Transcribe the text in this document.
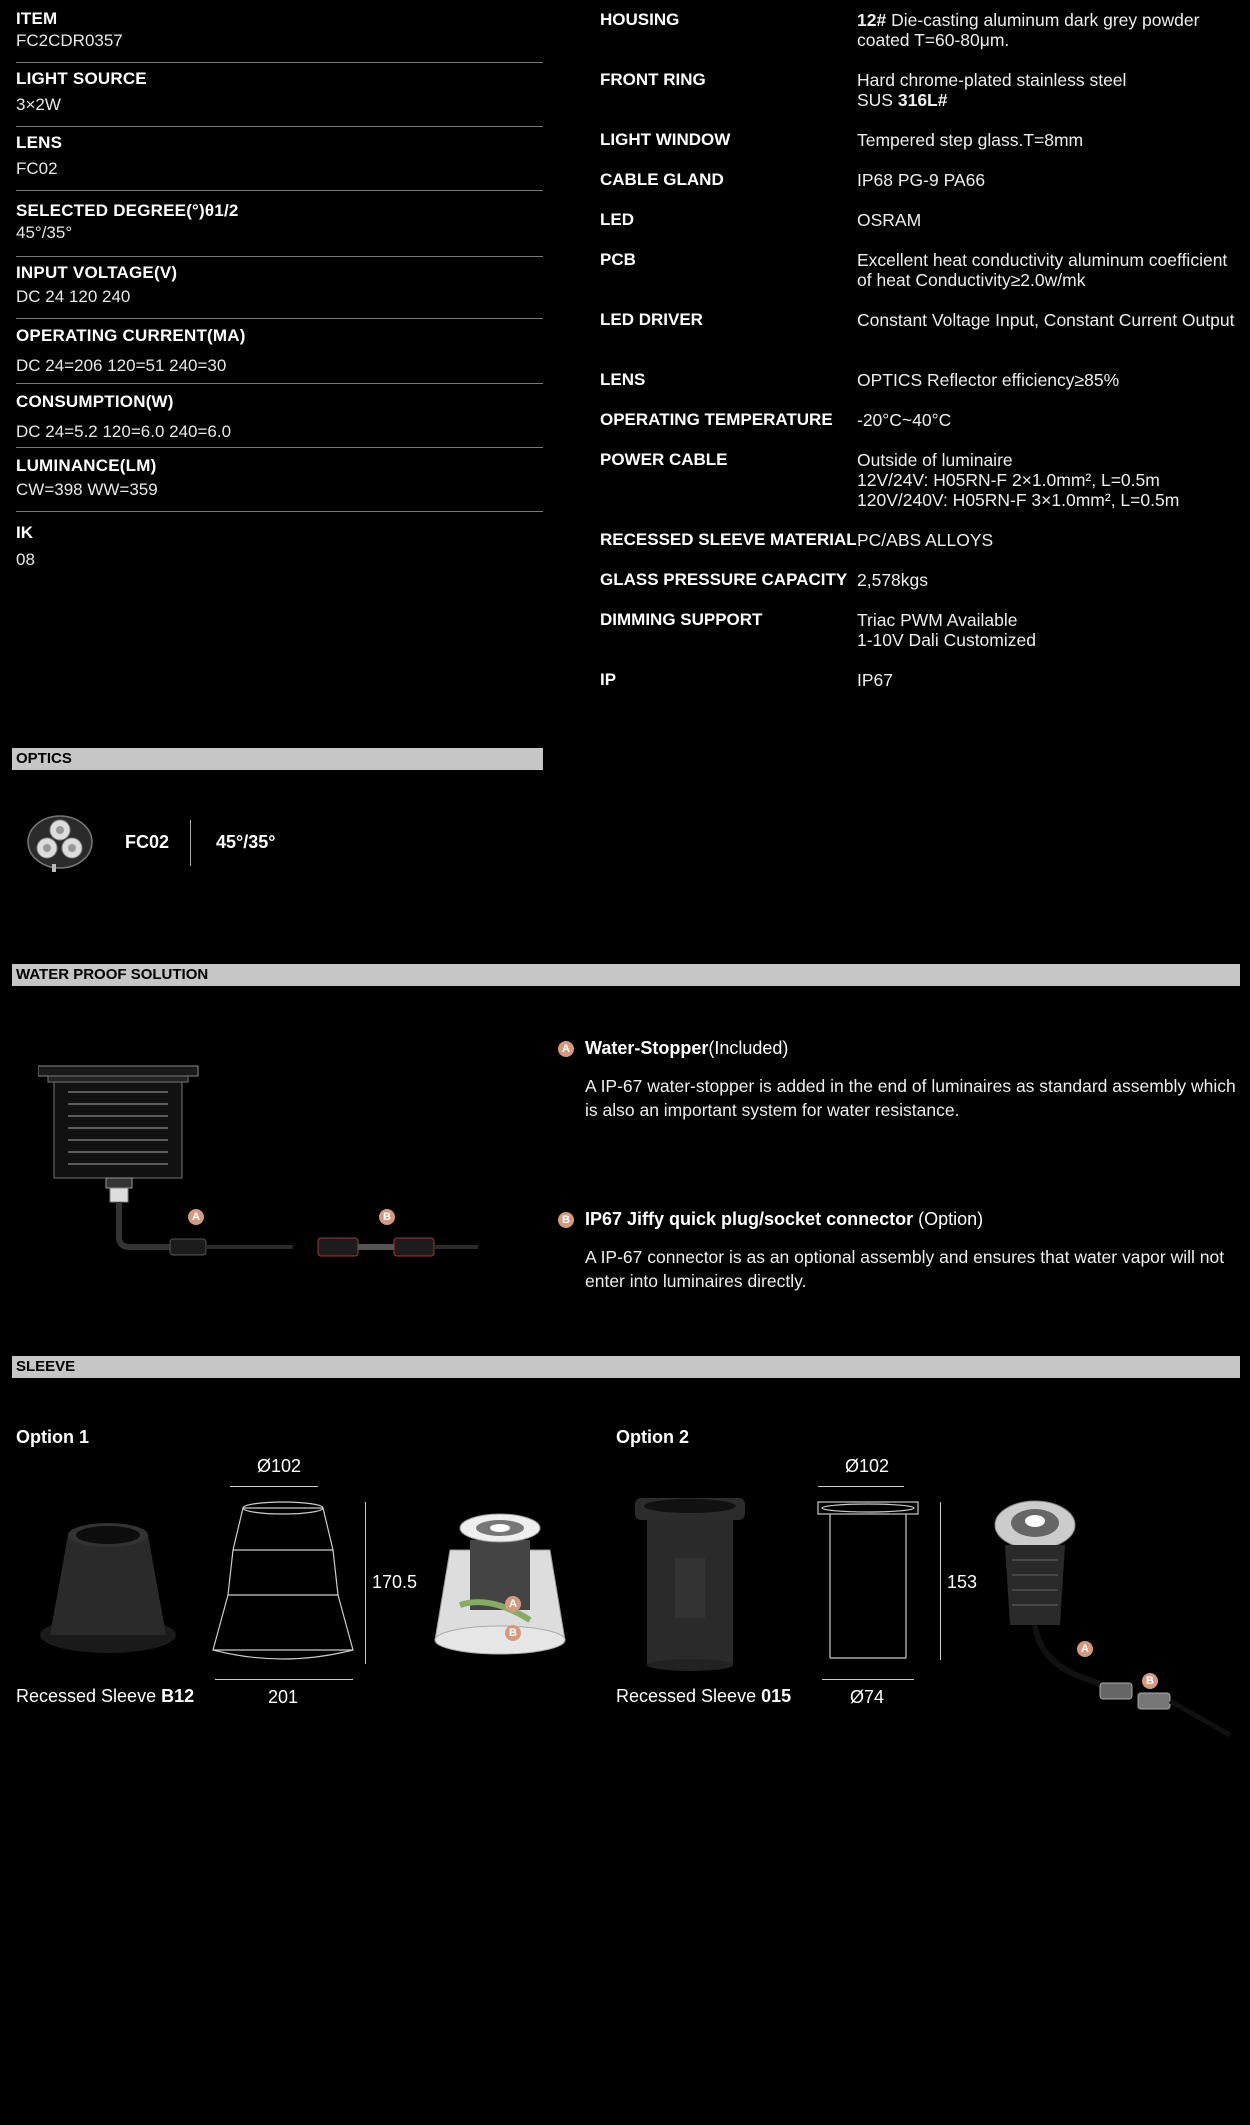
ITEM
FC2CDR0357
LIGHT SOURCE
3×2W
LENS
FC02
SELECTED DEGREE(°)θ1/2
45°/35°
INPUT VOLTAGE(V)
DC 24 120 240
OPERATING CURRENT(MA)
DC 24=206 120=51 240=30
CONSUMPTION(W)
DC 24=5.2 120=6.0 240=6.0
LUMINANCE(LM)
CW=398 WW=359
IK
08
HOUSING	12# Die-casting aluminum dark grey powder coated T=60-80μm.
FRONT RING	Hard chrome-plated stainless steel
SUS 316L#
LIGHT WINDOW	Tempered step glass.T=8mm
CABLE GLAND	IP68 PG-9 PA66
LED	OSRAM
PCB	Excellent heat conductivity aluminum coefficient of heat Conductivity≥2.0w/mk
LED DRIVER	Constant Voltage Input, Constant Current Output
LENS	OPTICS Reflector efficiency≥85%
OPERATING TEMPERATURE -20°C~40°C
POWER CABLE	Outside of luminaire
12V/24V: H05RN-F 2×1.0mm², L=0.5m
120V/240V: H05RN-F 3×1.0mm², L=0.5m
RECESSED SLEEVE MATERIAL PC/ABS ALLOYS
GLASS PRESSURE CAPACITY 2,578kgs
DIMMING SUPPORT	Triac PWM Available
1-10V Dali Customized
IP	IP67
OPTICS
FC02	45°/35°
WATER PROOF SOLUTION
A	B
A Water-Stopper(Included)
A IP-67 water-stopper is added in the end of luminaires as standard assembly which is also an important system for water resistance.
B IP67 Jiffy quick plug/socket connector (Option)
A IP-67 connector is as an optional assembly and ensures that water vapor will not enter into luminaires directly.
SLEEVE
Option 1
Ø102
170.5
201
A
B
Recessed Sleeve B12
Option 2
Ø102
153
Ø74
A
B
Recessed Sleeve 015
